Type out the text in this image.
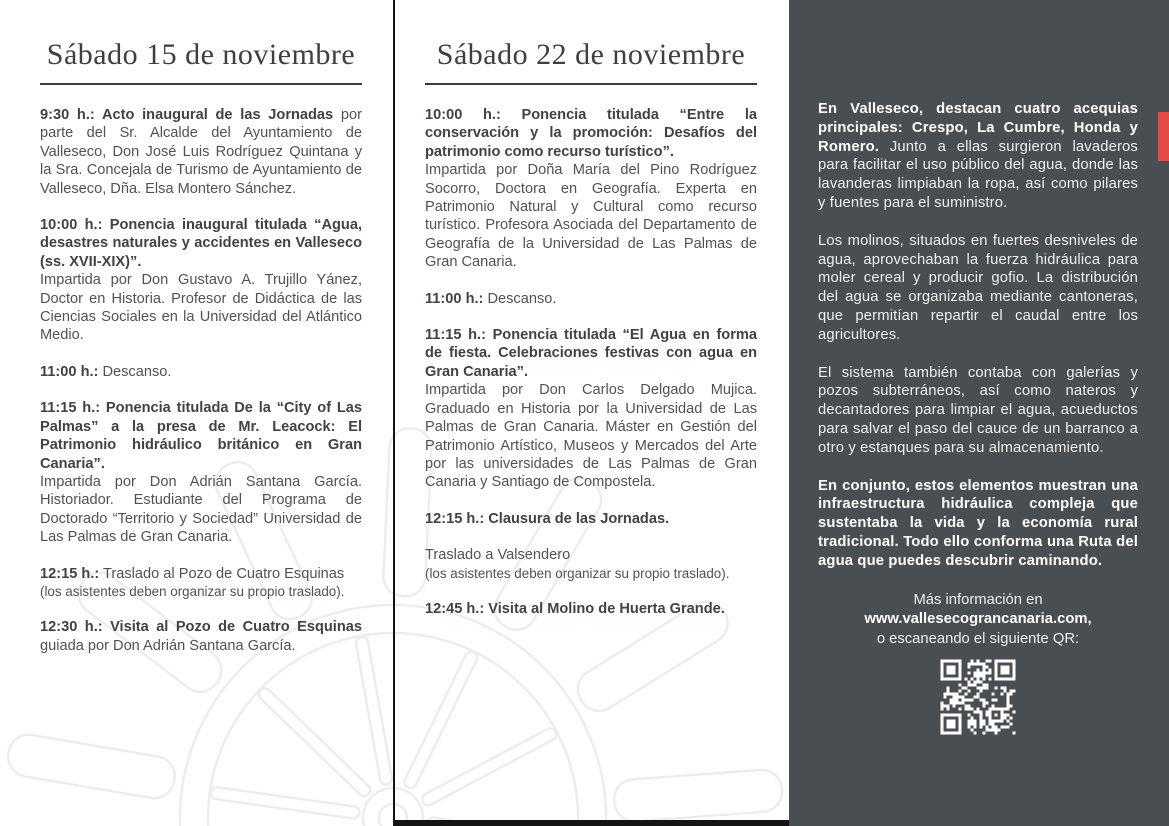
Sábado 15 de noviembre
9:30 h.: Acto inaugural de las Jornadas por parte del Sr. Alcalde del Ayuntamiento de Valleseco, Don José Luis Rodríguez Quintana y la Sra. Concejala de Turismo de Ayuntamiento de Valleseco, Dña. Elsa Montero Sánchez.
10:00 h.: Ponencia inaugural titulada “Agua, desastres naturales y accidentes en Valleseco (ss. XVII-XIX)”.
Impartida por Don Gustavo A. Trujillo Yánez, Doctor en Historia. Profesor de Didáctica de las Ciencias Sociales en la Universidad del Atlántico Medio.
11:00 h.: Descanso.
11:15 h.: Ponencia titulada De la “City of Las Palmas” a la presa de Mr. Leacock: El Patrimonio hidráulico británico en Gran Canaria”.
Impartida por Don Adrián Santana García. Historiador. Estudiante del Programa de Doctorado “Territorio y Sociedad” Universidad de Las Palmas de Gran Canaria.
12:15 h.: Traslado al Pozo de Cuatro Esquinas
(los asistentes deben organizar su propio traslado).
12:30 h.: Visita al Pozo de Cuatro Esquinas guiada por Don Adrián Santana García.
Sábado 22 de noviembre
10:00 h.: Ponencia titulada “Entre la conservación y la promoción: Desafíos del patrimonio como recurso turístico”.
Impartida por Doña María del Pino Rodríguez Socorro, Doctora en Geografía. Experta en Patrimonio Natural y Cultural como recurso turístico. Profesora Asociada del Departamento de Geografía de la Universidad de Las Palmas de Gran Canaria.
11:00 h.: Descanso.
11:15 h.: Ponencia titulada “El Agua en forma de fiesta. Celebraciones festivas con agua en Gran Canaria”.
Impartida por Don Carlos Delgado Mujica. Graduado en Historia por la Universidad de Las Palmas de Gran Canaria. Máster en Gestión del Patrimonio Artístico, Museos y Mercados del Arte por las universidades de Las Palmas de Gran Canaria y Santiago de Compostela.
12:15 h.: Clausura de las Jornadas.
Traslado a Valsendero
(los asistentes deben organizar su propio traslado).
12:45 h.: Visita al Molino de Huerta Grande.
En Valleseco, destacan cuatro acequias principales: Crespo, La Cumbre, Honda y Romero. Junto a ellas surgieron lavaderos para facilitar el uso público del agua, donde las lavanderas limpiaban la ropa, así como pilares y fuentes para el suministro.
Los molinos, situados en fuertes desniveles de agua, aprovechaban la fuerza hidráulica para moler cereal y producir gofio. La distribución del agua se organizaba mediante cantoneras, que permitían repartir el caudal entre los agricultores.
El sistema también contaba con galerías y pozos subterráneos, así como nateros y decantadores para limpiar el agua, acueductos para salvar el paso del cauce de un barranco a otro y estanques para su almacenamiento.
En conjunto, estos elementos muestran una infraestructura hidráulica compleja que sustentaba la vida y la economía rural tradicional. Todo ello conforma una Ruta del agua que puedes descubrir caminando.
Más información en
www.vallesecograncanaria.com,
o escaneando el siguiente QR:
